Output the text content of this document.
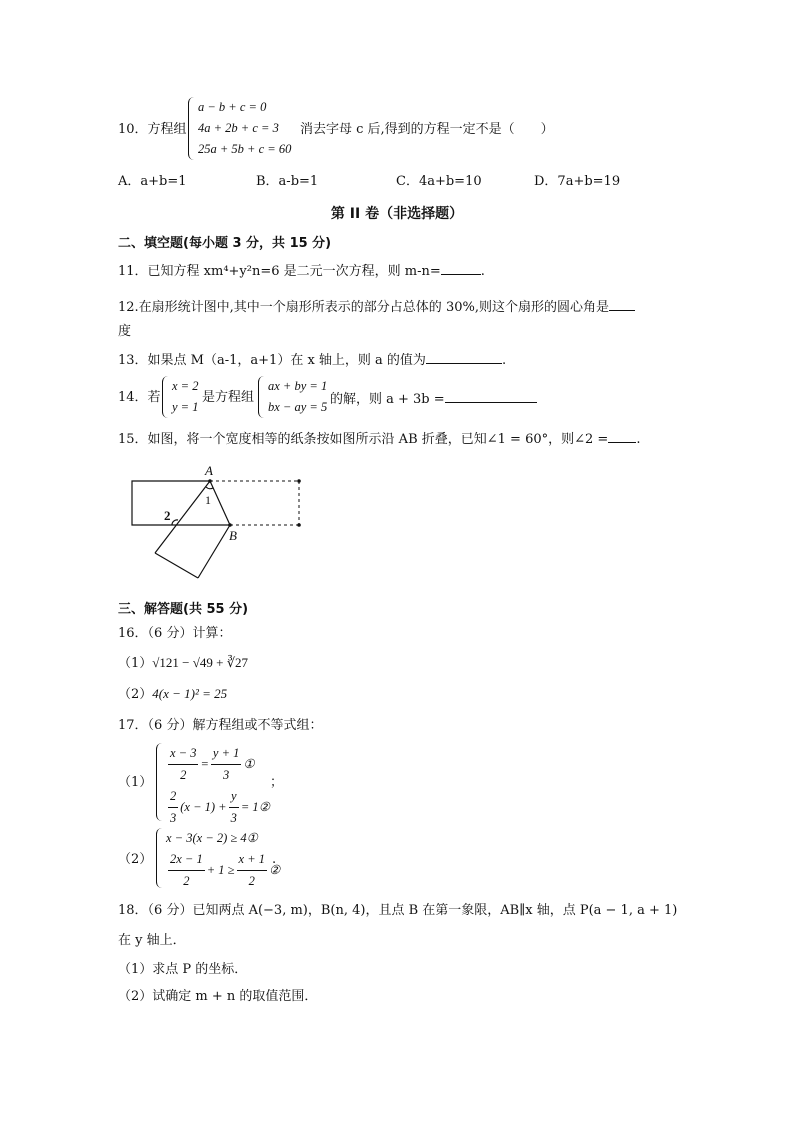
10．方程组
a − b + c = 0
4a + 2b + c = 3
25a + 5b + c = 60
消去字母 c 后,得到的方程一定不是（　　）
A．a+b=1	B．a-b=1	C．4a+b=10	D．7a+b=19
第 II 卷（非选择题）
二、填空题(每小题 3 分，共 15 分)
11．已知方程 xm⁴+y²n=6 是二元一次方程，则 m-n=	.
12.在扇形统计图中,其中一个扇形所表示的部分占总体的 30%,则这个扇形的圆心角是
度
13．如果点 M（a-1，a+1）在 x 轴上，则 a 的值为	.
14．若
x = 2
y = 1
是方程组
ax + by = 1
bx − ay = 5 的解，则 a + 3b =
15．如图，将一个宽度相等的纸条按如图所示沿 AB 折叠，已知∠1 = 60°，则∠2 = .
A
B
1
2
三、解答题(共 55 分)
16．（6 分）计算：
（1）√121 − √49 + ∛27
（2）4(x − 1)² = 25
17．（6 分）解方程组或不等式组：
$(1) \frac{x - 3}{2} = \frac{y + 1}{3}$ ①
$\frac{2}{3} (x - 1) + \frac{y}{3} = 1$ ②
；
（2）
x − 3(x − 2) ≥ 4 ①
$\frac{2x - 1}{2} + 1 \ge \frac{x + 1}{2}$ ②
.
18．（6 分）已知两点 A(−3, m)，B(n, 4)，且点 B 在第一象限，AB∥x 轴，点 P(a − 1, a + 1)
在 y 轴上．
（1）求点 P 的坐标．
（2）试确定 m + n 的取值范围．
